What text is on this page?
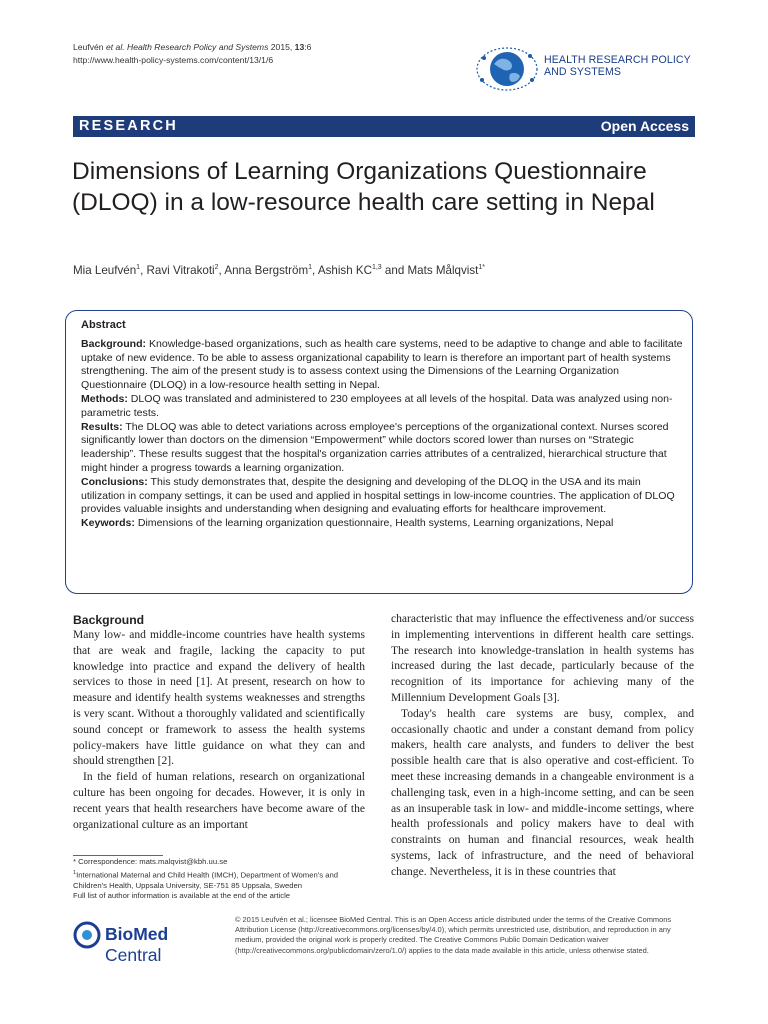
Leufvén et al. Health Research Policy and Systems 2015, 13:6
http://www.health-policy-systems.com/content/13/1/6	HEALTH RESEARCH POLICY
AND SYSTEMS
RESEARCH	Open Access
Dimensions of Learning Organizations Questionnaire (DLOQ) in a low-resource health care setting in Nepal
Mia Leufvén$^1$, Ravi Vitrakoti$^2$, Anna Bergström$^1$, Ashish KC$^{1,3}$ and Mats Målqvist$^{1*}$
Abstract

Background: Knowledge-based organizations, such as health care systems, need to be adaptive to change and able to facilitate uptake of new evidence. To be able to assess organizational capability to learn is therefore an important part of health systems strengthening. The aim of the present study is to assess context using the Dimensions of the Learning Organization Questionnaire (DLOQ) in a low-resource health setting in Nepal.

Methods: DLOQ was translated and administered to 230 employees at all levels of the hospital. Data was analyzed using non-parametric tests.

Results: The DLOQ was able to detect variations across employee's perceptions of the organizational context. Nurses scored significantly lower than doctors on the dimension “Empowerment” while doctors scored lower than nurses on “Strategic leadership”. These results suggest that the hospital's organization carries attributes of a centralized, hierarchical structure that might hinder a progress towards a learning organization.

Conclusions: This study demonstrates that, despite the designing and developing of the DLOQ in the USA and its main utilization in company settings, it can be used and applied in hospital settings in low-income countries. The application of DLOQ provides valuable insights and understanding when designing and evaluating efforts for healthcare improvement.

Keywords: Dimensions of the learning organization questionnaire, Health systems, Learning organizations, Nepal

Background

Many low- and middle-income countries have health systems that are weak and fragile, lacking the capacity to put knowledge into practice and expand the delivery of health services to those in need [1]. At present, research on how to measure and identify health systems weaknesses and strengths is very scant. Without a thoroughly validated and scientifically sound concept or framework to assess the health systems policy-makers have little guidance on what they can and should strengthen [2].

In the field of human relations, research on organizational culture has been ongoing for decades. However, it is only in recent years that health researchers have become aware of the organizational culture as an important

characteristic that may influence the effectiveness and/or success in implementing interventions in different health care settings. The research into knowledge-translation in health systems has increased during the last decade, particularly because of the recognition of its importance for achieving many of the Millennium Development Goals [3].

Today's health care systems are busy, complex, and occasionally chaotic and under a constant demand from policy makers, health care analysts, and funders to deliver the best possible health care that is also operative and cost-efficient. To meet these increasing demands in a changeable environment is a challenging task, even in a high-income setting, and can be seen as an insuperable task in low- and middle-income settings, where health professionals and policy makers have to deal with constraints on human and financial resources, weak health systems, lack of infrastructure, and the need of behavioral change. Nevertheless, it is in these countries that

* Correspondence: mats.malqvist@kbh.uu.se
$^1$International Maternal and Child Health (IMCH), Department of Women's and Children's Health, Uppsala University, SE-751 85 Uppsala, Sweden
Full list of author information is available at the end of the article
BioMed Central
© 2015 Leufvén et al.; licensee BioMed Central. This is an Open Access article distributed under the terms of the Creative Commons Attribution License (http://creativecommons.org/licenses/by/4.0), which permits unrestricted use, distribution, and reproduction in any medium, provided the original work is properly credited. The Creative Commons Public Domain Dedication waiver (http://creativecommons.org/publicdomain/zero/1.0/) applies to the data made available in this article, unless otherwise stated.
